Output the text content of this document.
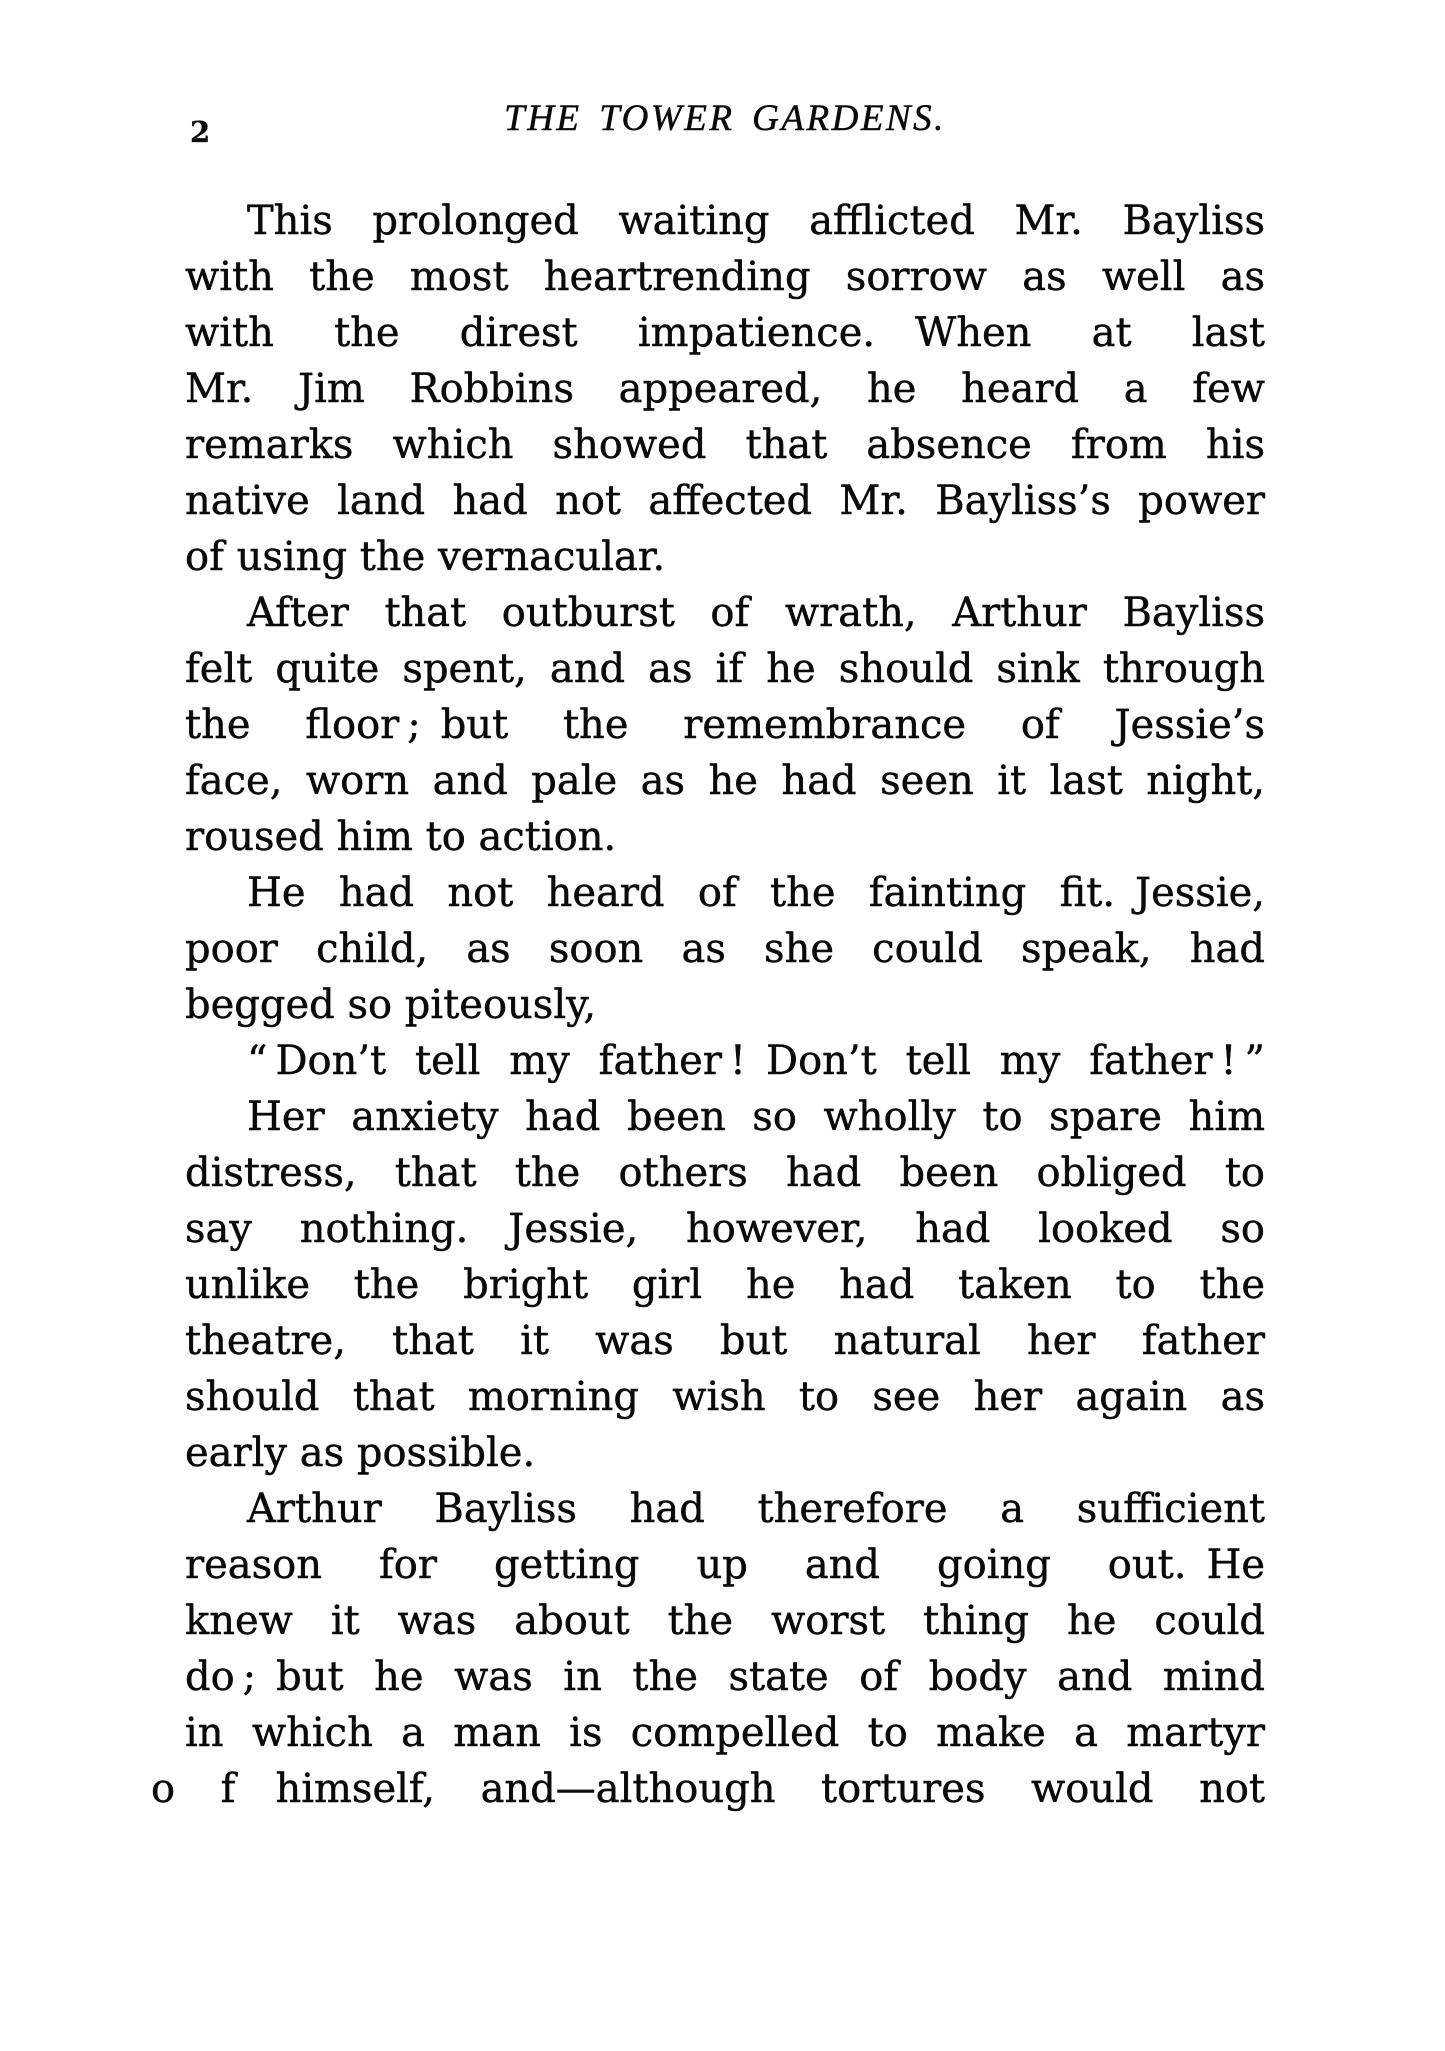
2	THE TOWER GARDENS.
This prolonged waiting afflicted Mr. Bayliss
with the most heartrending sorrow as well as
with the direst impatience. When at last
Mr. Jim Robbins appeared, he heard a few
remarks which showed that absence from his
native land had not affected Mr. Bayliss’s power
of using the vernacular.
After that outburst of wrath, Arthur Bayliss
felt quite spent, and as if he should sink through
the floor ; but the remembrance of Jessie’s
face, worn and pale as he had seen it last night,
roused him to action.
He had not heard of the fainting fit. Jessie,
poor child, as soon as she could speak, had
begged so piteously,
“ Don’t tell my father ! Don’t tell my father ! ”
Her anxiety had been so wholly to spare him
distress, that the others had been obliged to
say nothing. Jessie, however, had looked so
unlike the bright girl he had taken to the
theatre, that it was but natural her father
should that morning wish to see her again as
early as possible.
Arthur Bayliss had therefore a sufficient
reason for getting up and going out. He
knew it was about the worst thing he could
do ; but he was in the state of body and mind
in which a man is compelled to make a martyr
o f himself, and—although tortures would not
